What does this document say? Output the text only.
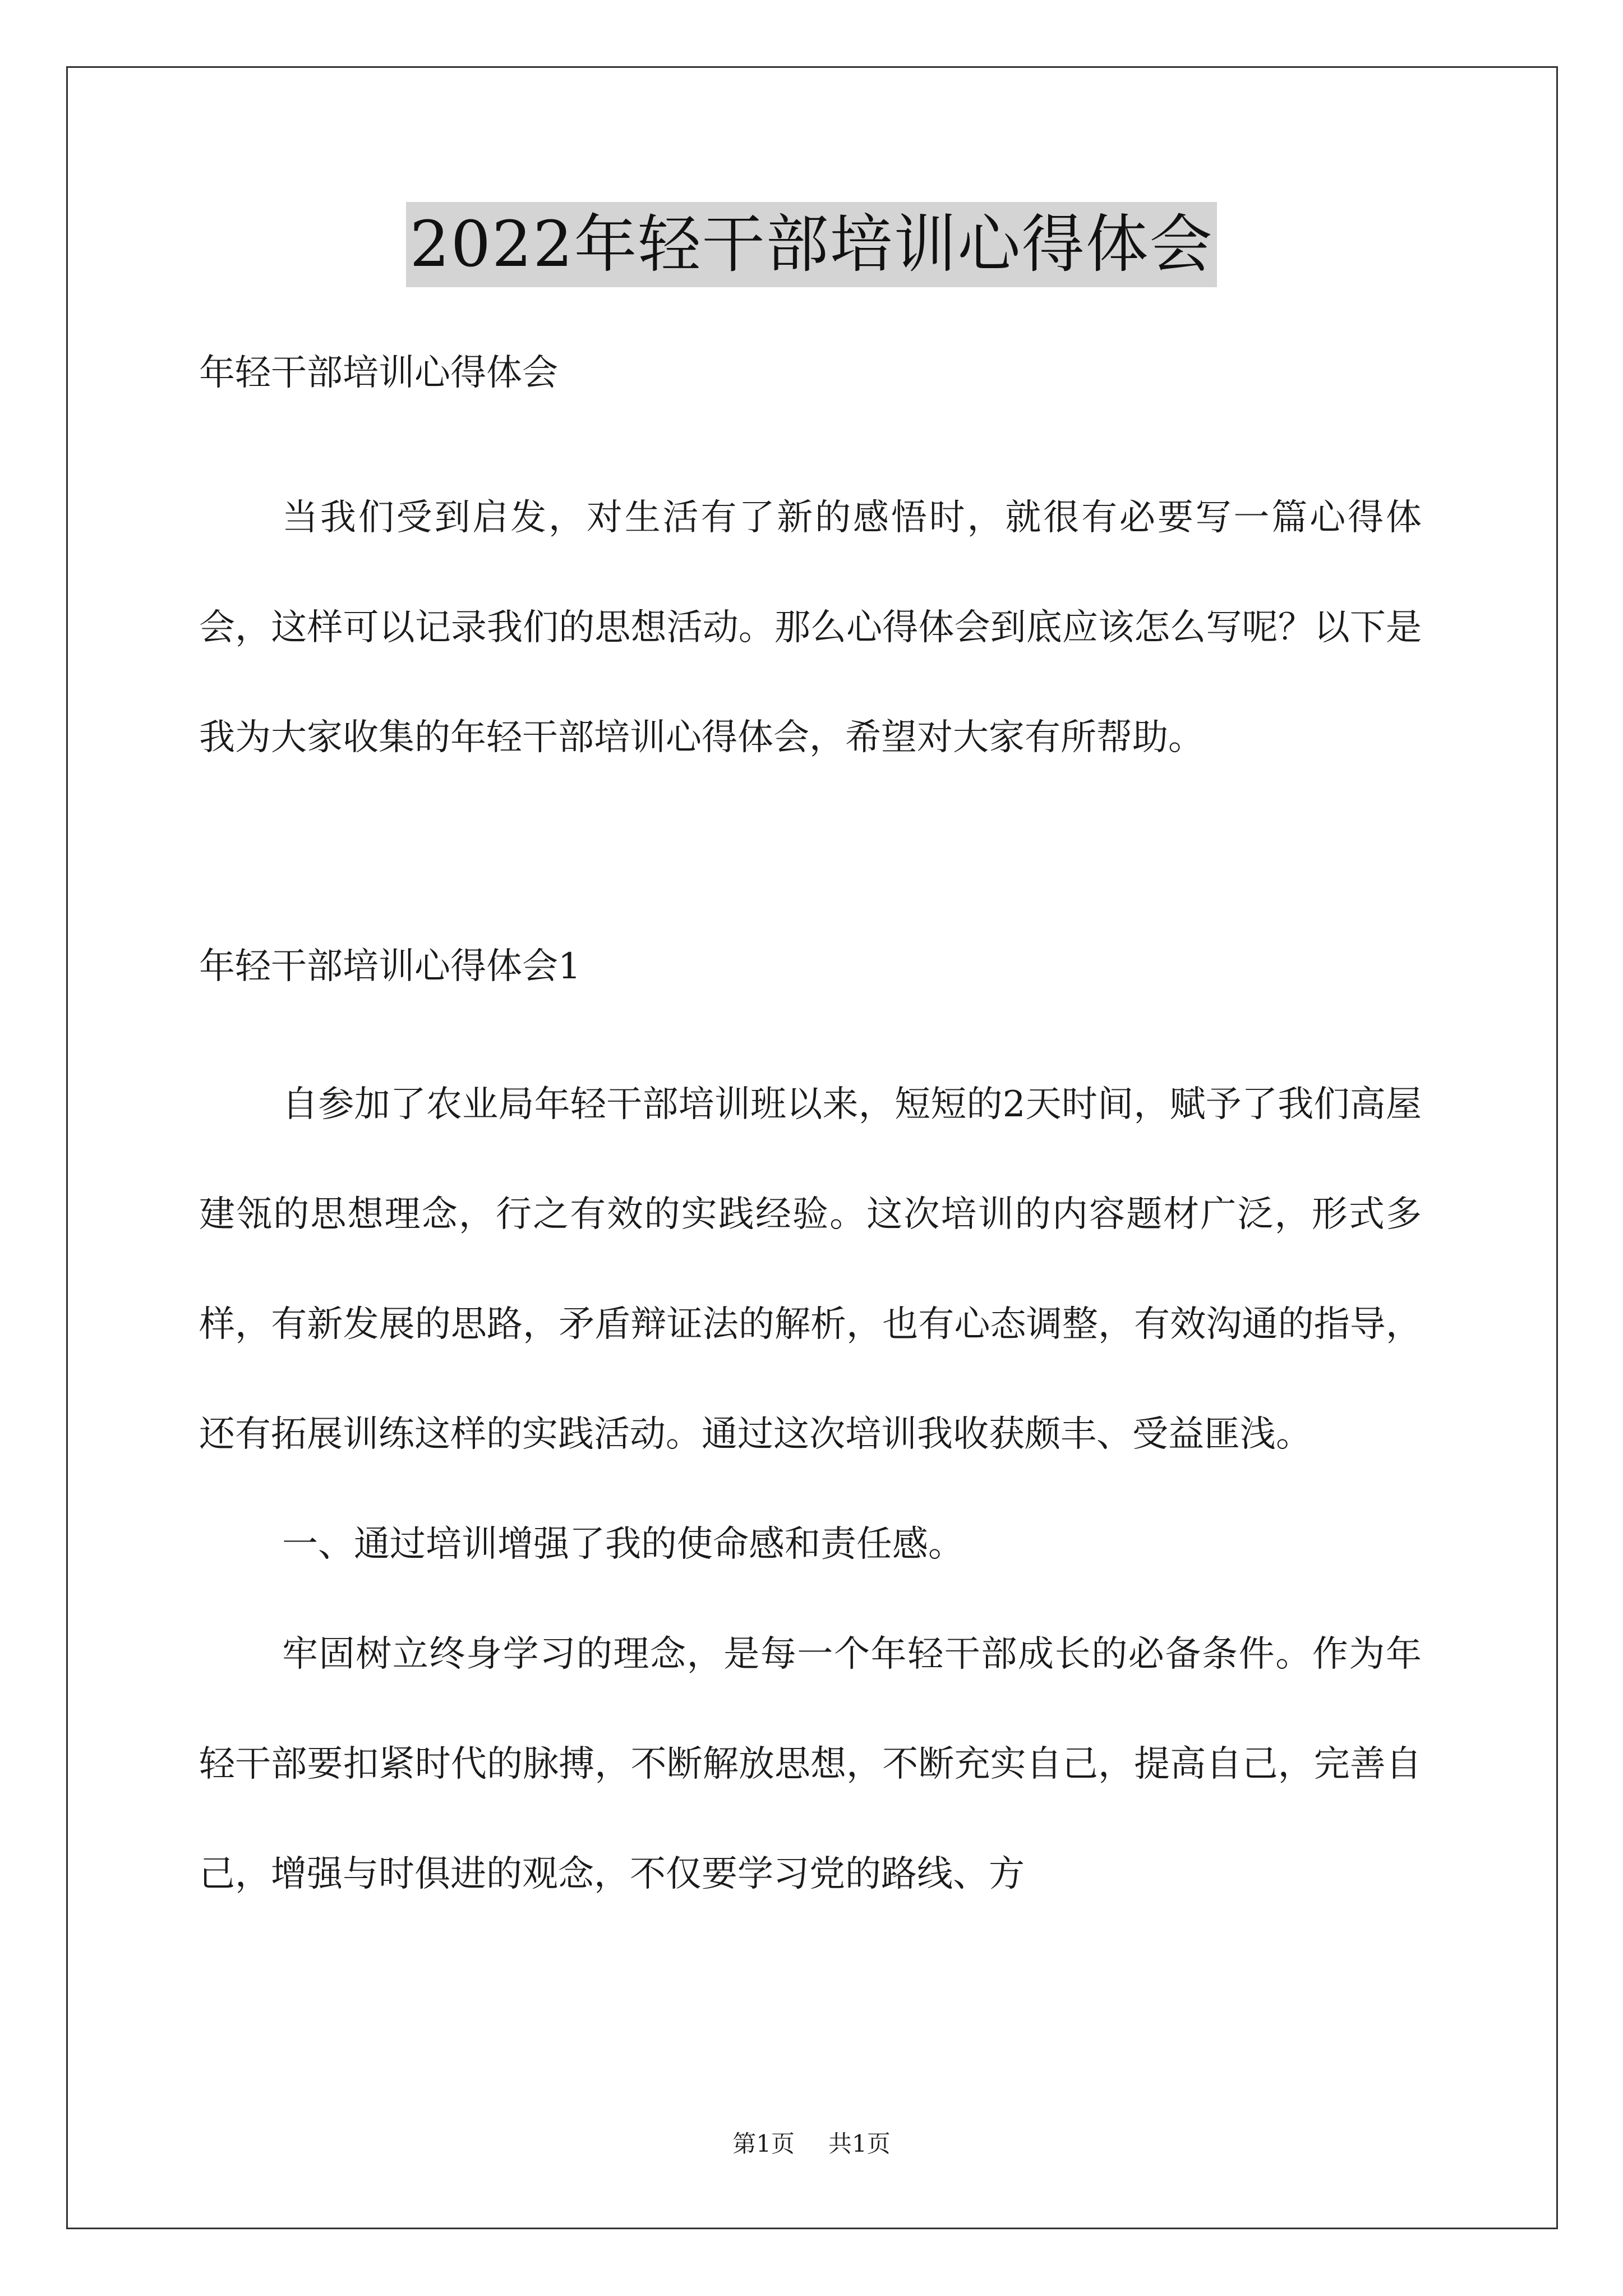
2022年轻干部培训心得体会

年轻干部培训心得体会

当我们受到启发，对生活有了新的感悟时，就很有必要写一篇心得体会，这样可以记录我们的思想活动。那么心得体会到底应该怎么写呢？以下是我为大家收集的年轻干部培训心得体会，希望对大家有所帮助。

年轻干部培训心得体会1

自参加了农业局年轻干部培训班以来，短短的2天时间，赋予了我们高屋建瓴的思想理念，行之有效的实践经验。这次培训的内容题材广泛，形式多样，有新发展的思路，矛盾辩证法的解析，也有心态调整，有效沟通的指导，还有拓展训练这样的实践活动。通过这次培训我收获颇丰、受益匪浅。

一、通过培训增强了我的使命感和责任感。

牢固树立终身学习的理念，是每一个年轻干部成长的必备条件。作为年轻干部要扣紧时代的脉搏，不断解放思想，不断充实自己，提高自己，完善自己，增强与时俱进的观念，不仅要学习党的路线、方

第1页 共1页
